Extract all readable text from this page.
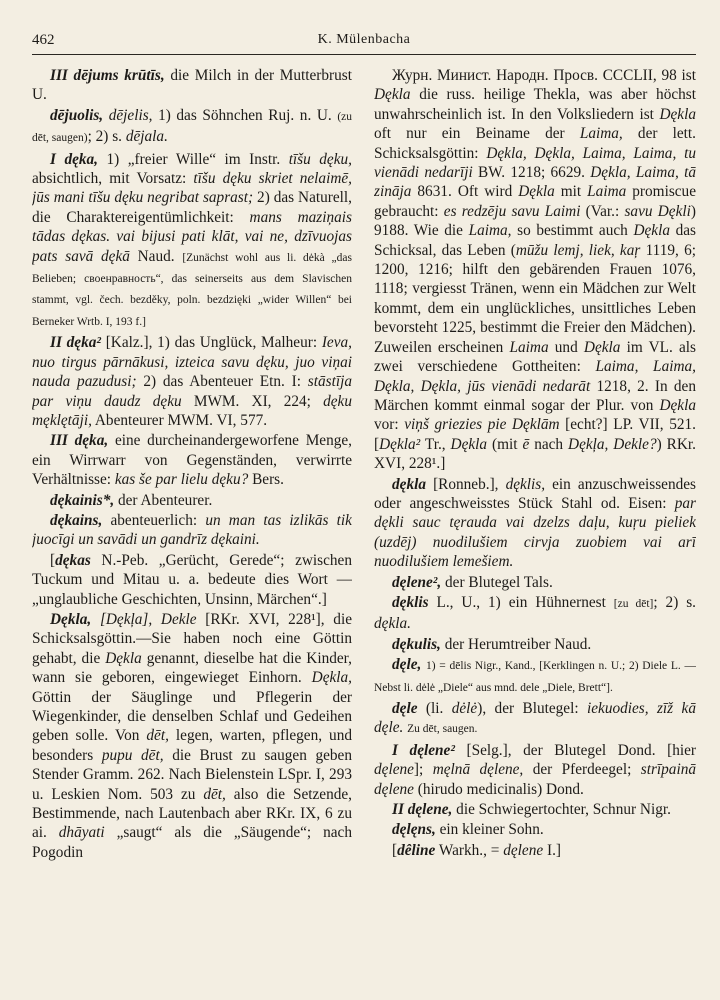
462	K. Mülenbacha

III dējums krūtīs, die Milch in der Mutterbrust U.

dējuolis, dējelis, 1) das Söhnchen Ruj. n. U. (zu dēt, saugen); 2) s. dējala.

I dęka, 1) „freier Wille“ im Instr. tīšu dęku, absichtlich, mit Vorsatz: tīšu dęku skriet nelaimē, jūs mani tīšu dęku negribat saprast; 2) das Naturell, die Charaktereigentümlichkeit: mans maziņais tādas dękas. vai bijusi pati klāt, vai ne, dzīvuojas pats savā dękā Naud. [Zunächst wohl aus li. dėkà „das Belieben; своенравность“, das seinerseits aus dem Slavischen stammt, vgl. čech. bezděky, poln. bezdzięki „wider Willen“ bei Berneker Wrtb. I, 193 f.]

II dęka² [Kalz.], 1) das Unglück, Malheur: Ieva, nuo tirgus pārnākusi, izteica savu dęku, juo viņai nauda pazudusi; 2) das Abenteuer Etn. I: stāstīja par viņu daudz dęku MWM. XI, 224; dęku męklętāji, Abenteurer MWM. VI, 577.

III dęka, eine durcheinandergeworfene Menge, ein Wirrwarr von Gegenständen, verwirrte Verhältnisse: kas še par lielu dęku? Bers.

dękainis*, der Abenteurer.

dękains, abenteuerlich: un man tas izlikās tik juocīgi un savādi un gandrīz dękaini.

[dękas N.-Peb. „Gerücht, Gerede“; zwischen Tuckum und Mitau u. a. bedeute dies Wort — „unglaubliche Geschichten, Unsinn, Märchen“.]

Dękla, [Dękļa], Dekle [RKr. XVI, 228¹], die Schicksalsgöttin.—Sie haben noch eine Göttin gehabt, die Dękla genannt, dieselbe hat die Kinder, wann sie geboren, eingewieget Einhorn. Dękla, Göttin der Säuglinge und Pflegerin der Wiegenkinder, die denselben Schlaf und Gedeihen geben solle. Von dēt, legen, warten, pflegen, und besonders pupu dēt, die Brust zu saugen geben Stender Gramm. 262. Nach Bielenstein LSpr. I, 293 u. Leskien Nom. 503 zu dēt, also die Setzende, Bestimmende, nach Lautenbach aber RKr. IX, 6 zu ai. dhāyati „saugt“ als die „Säugende“; nach Pogodin

Журн. Минист. Народн. Просв. CCCLII, 98 ist Dękla die russ. heilige Thekla, was aber höchst unwahrscheinlich ist. In den Volksliedern ist Dękla oft nur ein Beiname der Laima, der lett. Schicksalsgöttin: Dękla, Dękla, Laima, Laima, tu vienādi nedarīji BW. 1218; 6629. Dękla, Laima, tā zināja 8631. Oft wird Dękla mit Laima promiscue gebraucht: es redzēju savu Laimi (Var.: savu Dękli) 9188. Wie die Laima, so bestimmt auch Dękla das Schicksal, das Leben (mūžu lemj, liek, kaŗ 1119, 6; 1200, 1216; hilft den gebärenden Frauen 1076, 1118; vergiesst Tränen, wenn ein Mädchen zur Welt kommt, dem ein unglückliches, unsittliches Leben bevorsteht 1225, bestimmt die Freier den Mädchen). Zuweilen erscheinen Laima und Dękla im VL. als zwei verschiedene Gottheiten: Laima, Laima, Dękla, Dękla, jūs vienādi nedarāt 1218, 2. In den Märchen kommt einmal sogar der Plur. von Dękla vor: viņš griezies pie Dęklām [echt?] LP. VII, 521. [Dękla² Tr., Dękla (mit ē nach Dękļa, Dekle?) RKr. XVI, 228¹.]

dękla [Ronneb.], dęklis, ein anzuschweissendes oder angeschweisstes Stück Stahl od. Eisen: par dękli sauc tęrauda vai dzelzs daļu, kuŗu pieliek (uzdēj) nuodilušiem cirvja zuobiem vai arī nuodilušiem lemešiem.

dęlene², der Blutegel Tals.

dęklis L., U., 1) ein Hühnernest [zu dēt]; 2) s. dękla.

dękulis, der Herumtreiber Naud.

dęle, 1) = dēlis Nigr., Kand., [Kerklingen n. U.; 2) Diele L. — Nebst li. dėlė „Diele“ aus mnd. dele „Diele, Brett“].

dęle (li. dėlė), der Blutegel: iekuodies, zīž kā dęle. Zu dēt, saugen.

I dęlene² [Selg.], der Blutegel Dond. [hier dęlene]; męlnā dęlene, der Pferdeegel; strīpainā dęlene (hirudo medicinalis) Dond.

II dęlene, die Schwiegertochter, Schnur Nigr.

dęlęns, ein kleiner Sohn.

[dêline Warkh., = dęlene I.]
